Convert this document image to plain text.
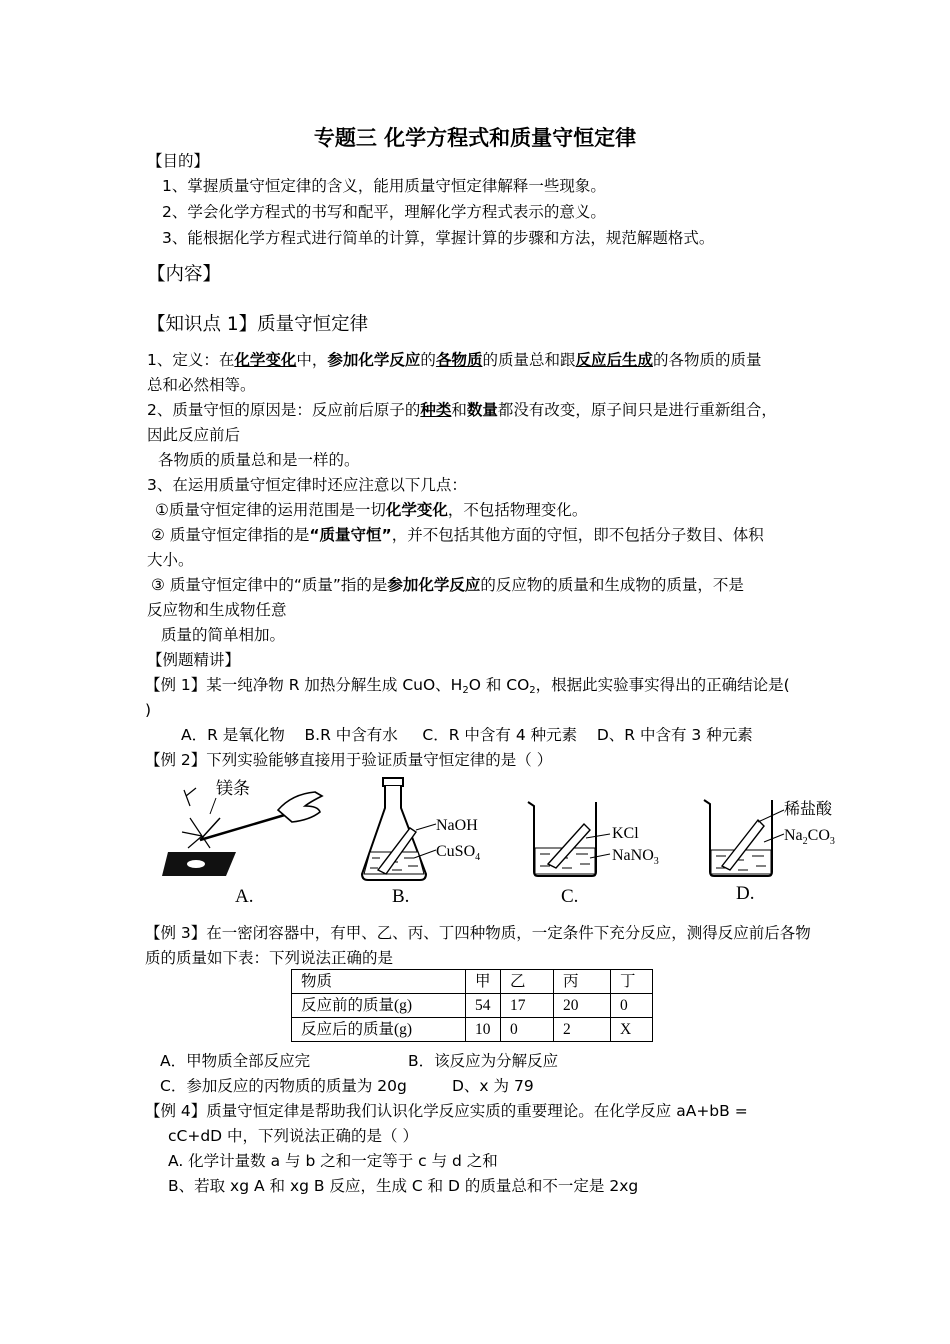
专题三 化学方程式和质量守恒定律
【目的】
1、掌握质量守恒定律的含义，能用质量守恒定律解释一些现象。
2、学会化学方程式的书写和配平，理解化学方程式表示的意义。
3、能根据化学方程式进行简单的计算，掌握计算的步骤和方法，规范解题格式。
【内容】
【知识点 1】质量守恒定律
1、定义：在化学变化中，参加化学反应的各物质的质量总和跟反应后生成的各物质的质量
总和必然相等。
2、质量守恒的原因是：反应前后原子的种类和数量都没有改变，原子间只是进行重新组合，
因此反应前后
各物质的质量总和是一样的。
3、在运用质量守恒定律时还应注意以下几点：
①质量守恒定律的运用范围是一切化学变化，不包括物理变化。
② 质量守恒定律指的是“质量守恒”，并不包括其他方面的守恒，即不包括分子数目、体积
大小。
③ 质量守恒定律中的“质量”指的是参加化学反应的反应物的质量和生成物的质量，不是
反应物和生成物任意
质量的简单相加。
【例题精讲】
【例 1】某一纯净物 R 加热分解生成 CuO、$H_2O$ 和 $CO_2$，根据此实验事实得出的正确结论是(
)
A．R 是氧化物    B.R 中含有水     C．R 中含有 4 种元素    D、R 中含有 3 种元素
【例 2】下列实验能够直接用于验证质量守恒定律的是（ ）
镁条
A.
NaOH
CuSO$_4$
B.
KCl
NaNO$_3$
C.
稀盐酸
$Na_2CO_3$
D.
【例 3】在一密闭容器中，有甲、乙、丙、丁四种物质，一定条件下充分反应，测得反应前后各物
质的质量如下表：下列说法正确的是
物质	甲	乙	丙	丁
反应前的质量(g)	54	17	20	0
反应后的质量(g)	10	0	2	X
A．甲物质全部反应完	B．该反应为分解反应
C．参加反应的丙物质的质量为 20g	D、x 为 79
【例 4】质量守恒定律是帮助我们认识化学反应实质的重要理论。在化学反应 aA+bB =
cC+dD 中，下列说法正确的是（ ）
A. 化学计量数 a 与 b 之和一定等于 c 与 d 之和
B、若取 xg A 和 xg B 反应，生成 C 和 D 的质量总和不一定是 2xg
